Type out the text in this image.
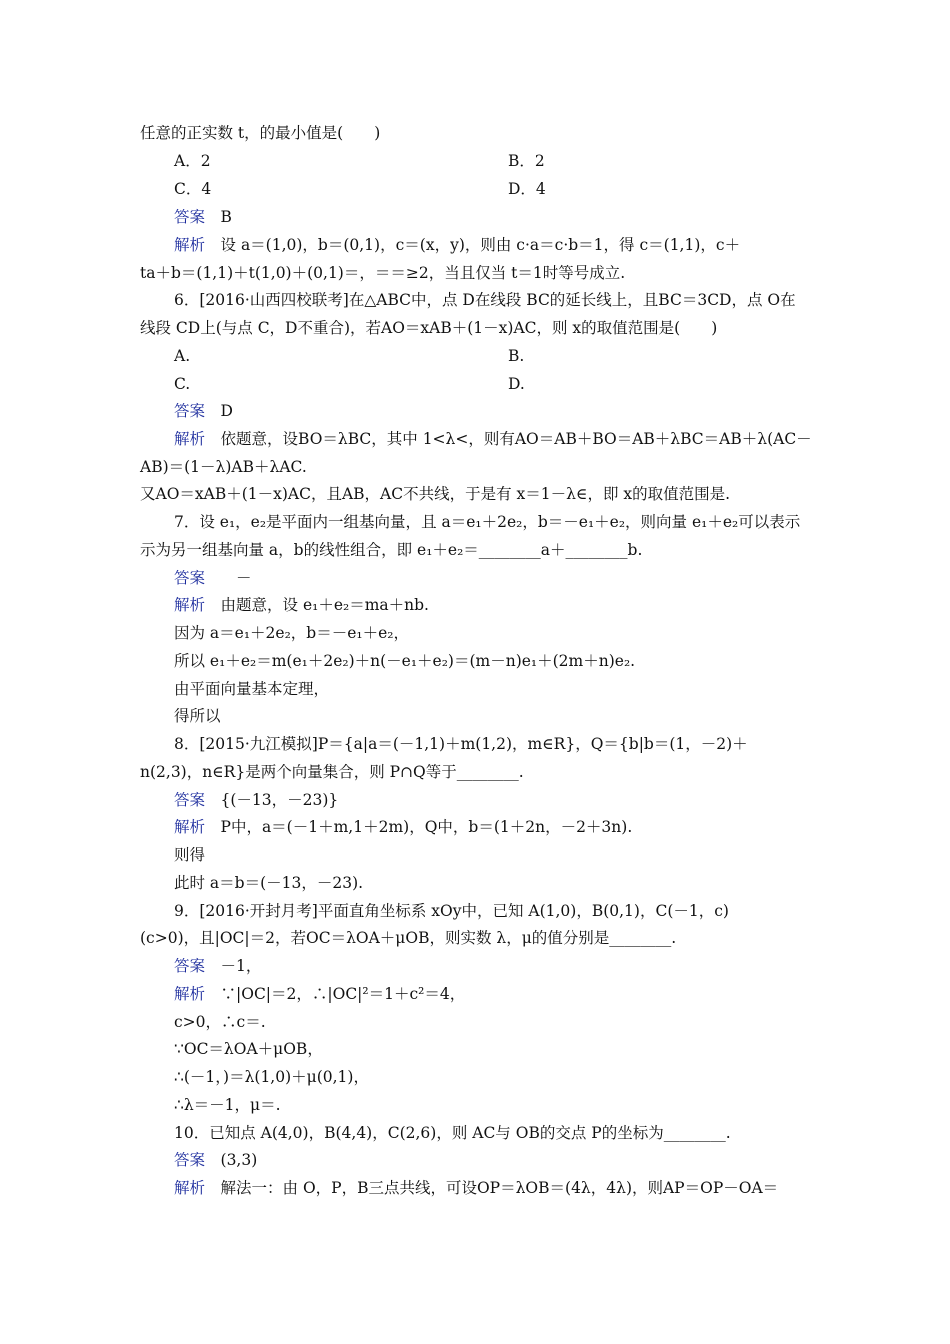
任意的正实数 t，的最小值是(　　)
A．2	B．2
C．4	D．4
答案　B
解析　设 a＝(1,0)，b＝(0,1)，c＝(x，y)，则由 c·a＝c·b＝1，得 c＝(1,1)，c＋
ta＋b＝(1,1)＋t(1,0)＋(0,1)＝，＝＝≥2，当且仅当 t＝1时等号成立.
6．[2016·山西四校联考]在△ABC中，点 D在线段 BC的延长线上，且BC＝3CD，点 O在
线段 CD上(与点 C，D不重合)，若AO＝xAB＋(1－x)AC，则 x的取值范围是(　　)
A.	B.
C.	D.
答案　D
解析　依题意，设BO＝λBC，其中 1<λ<，则有AO＝AB＋BO＝AB＋λBC＝AB＋λ(AC－
AB)＝(1－λ)AB＋λAC.
又AO＝xAB＋(1－x)AC，且AB，AC不共线，于是有 x＝1－λ∈，即 x的取值范围是.
7．设 e₁，e₂是平面内一组基向量，且 a＝e₁＋2e₂，b＝－e₁＋e₂，则向量 e₁＋e₂可以表示
示为另一组基向量 a，b的线性组合，即 e₁＋e₂＝________a＋________b.
答案　　－
解析　由题意，设 e₁＋e₂＝ma＋nb.
因为 a＝e₁＋2e₂，b＝－e₁＋e₂，
所以 e₁＋e₂＝m(e₁＋2e₂)＋n(－e₁＋e₂)＝(m－n)e₁＋(2m＋n)e₂.
由平面向量基本定理，
得所以
8．[2015·九江模拟]P＝{a|a＝(－1,1)＋m(1,2)，m∈R}，Q＝{b|b＝(1，－2)＋
n(2,3)，n∈R}是两个向量集合，则 P∩Q等于________.
答案　{(－13，－23)}
解析　P中，a＝(－1＋m,1＋2m)，Q中，b＝(1＋2n，－2＋3n).
则得
此时 a＝b＝(－13，－23).
9．[2016·开封月考]平面直角坐标系 xOy中，已知 A(1,0)，B(0,1)，C(－1，c)
(c>0)，且|OC|＝2，若OC＝λOA＋μOB，则实数 λ，μ的值分别是________.
答案　－1，
解析　∵|OC|＝2，∴|OC|²＝1＋c²＝4，
c>0，∴c＝.
∵OC＝λOA＋μOB，
∴(－1，)＝λ(1,0)＋μ(0,1)，
∴λ＝－1，μ＝.
10．已知点 A(4,0)，B(4,4)，C(2,6)，则 AC与 OB的交点 P的坐标为________.
答案　(3,3)
解析　解法一：由 O，P，B三点共线，可设OP＝λOB＝(4λ，4λ)，则AP＝OP－OA＝
